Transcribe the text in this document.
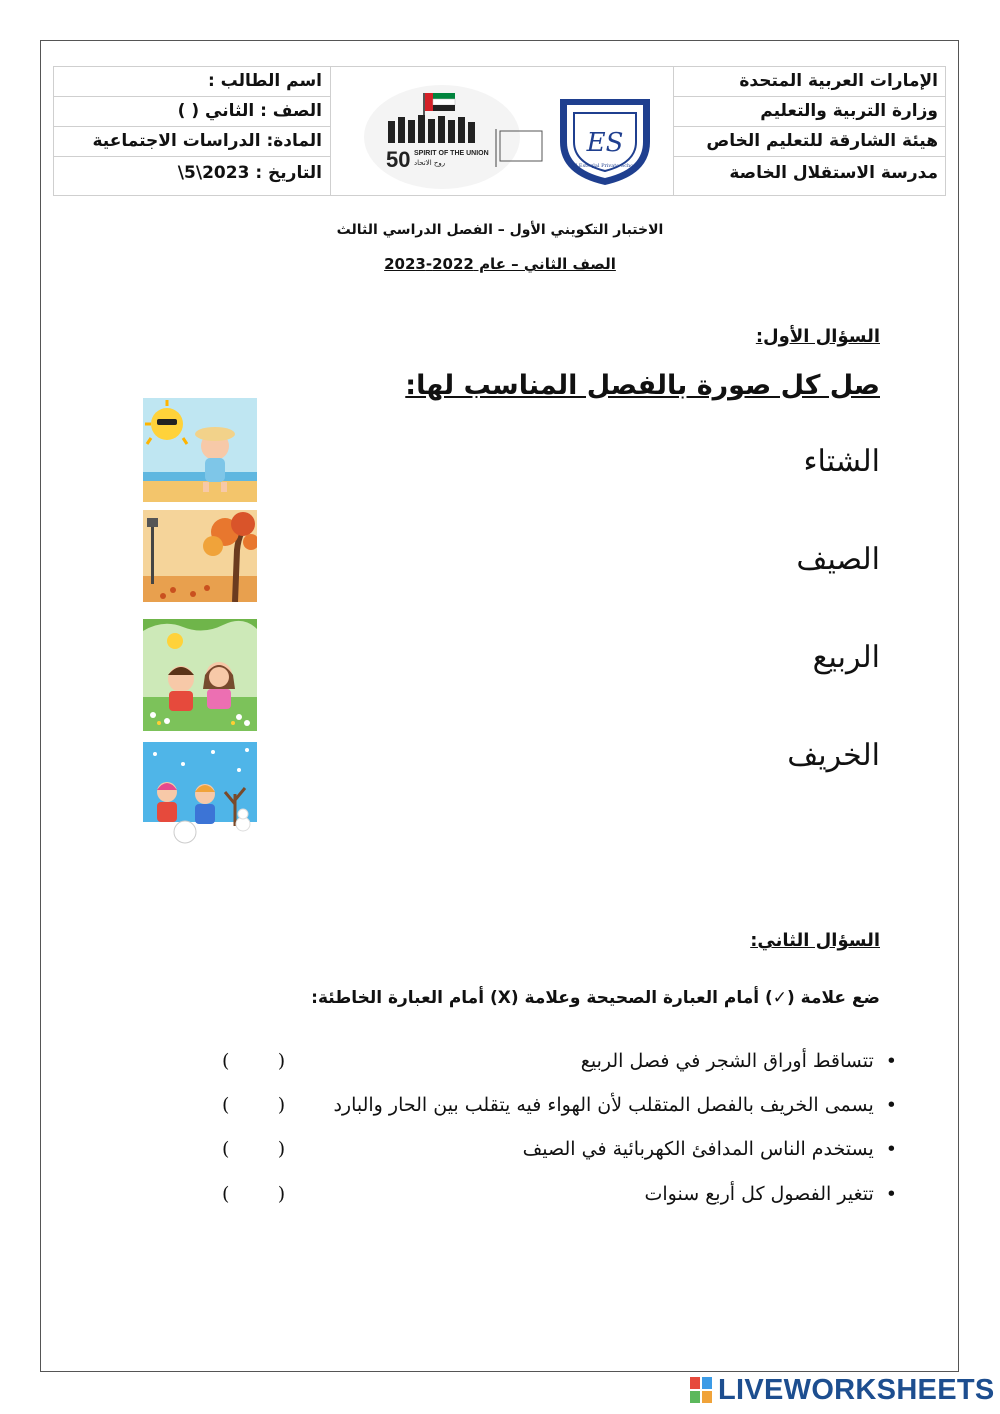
اسم الطالب :
الصف : الثاني ( )
المادة: الدراسات الاجتماعية
التاريخ : 2023\5\
50 SPIRIT OF THE UNION
روح الاتحاد
ES
Al Esteqlal Private School
الإمارات العربية المتحدة
وزارة التربية والتعليم
هيئة الشارقة للتعليم الخاص
مدرسة الاستقلال الخاصة
الاختبار التكويني الأول – الفصل الدراسي الثالث
الصف الثاني – عام 2022-2023
السؤال الأول:
صل كل صورة بالفصل المناسب لها:
الشتاء
الصيف
الربيع
الخريف
السؤال الثاني:
ضع علامة (✓) أمام العبارة الصحيحة وعلامة (X) أمام العبارة الخاطئة:
•تتساقط أوراق الشجر في فصل الربيع
•يسمى الخريف بالفصل المتقلب لأن الهواء فيه يتقلب بين الحار والبارد
•يستخدم الناس المدافئ الكهربائية في الصيف
•تتغير الفصول كل أربع سنوات
(        )
(        )
(        )
(        )
LIVEWORKSHEETS
